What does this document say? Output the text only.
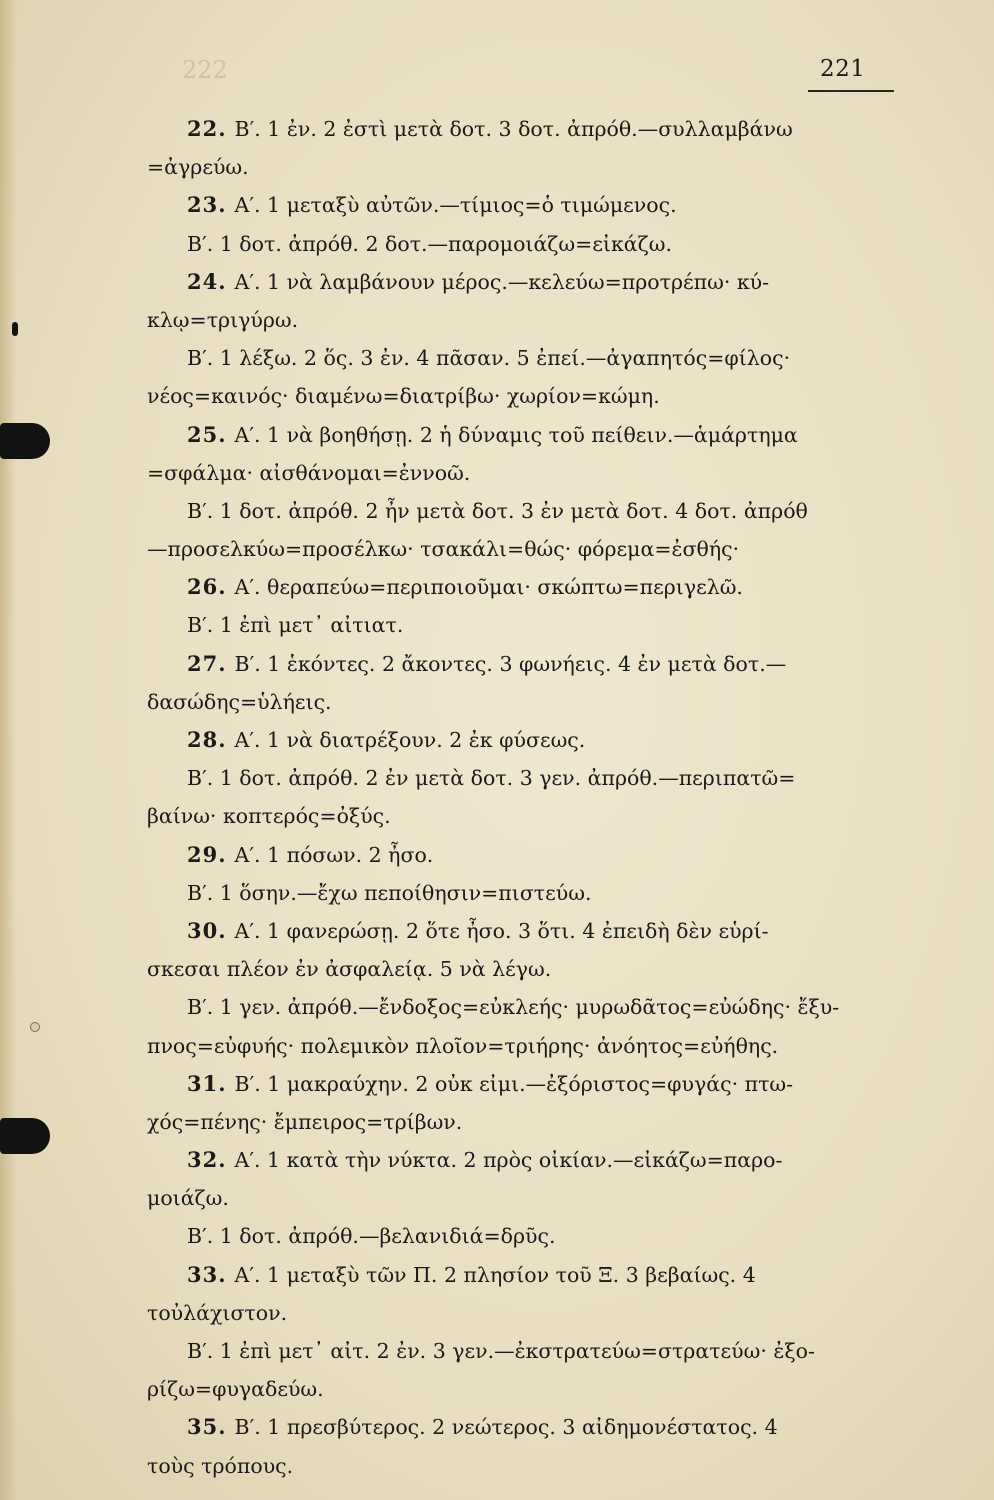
222	221
22. Β′. 1 ἐν. 2 ἐστὶ μετὰ δοτ. 3 δοτ. ἀπρόθ.—συλλαμβάνω
=ἀγρεύω.
23. Α′. 1 μεταξὺ αὐτῶν.—τίμιος=ὁ τιμώμενος.
Β′. 1 δοτ. ἀπρόθ. 2 δοτ.—παρομοιάζω=εἰκάζω.
24. Α′. 1 νὰ λαμβάνουν μέρος.—κελεύω=προτρέπω· κύ-
κλῳ=τριγύρω.
Β′. 1 λέξω. 2 ὅς. 3 ἐν. 4 πᾶσαν. 5 ἐπεί.—ἀγαπητός=φίλος·
νέος=καινός· διαμένω=διατρίβω· χωρίον=κώμη.
25. Α′. 1 νὰ βοηθήσῃ. 2 ἡ δύναμις τοῦ πείθειν.—ἁμάρτημα
=σφάλμα· αἰσθάνομαι=ἐννοῶ.
Β′. 1 δοτ. ἀπρόθ. 2 ἦν μετὰ δοτ. 3 ἐν μετὰ δοτ. 4 δοτ. ἀπρόθ
—προσελκύω=προσέλκω· τσακάλι=θώς· φόρεμα=ἐσθής·
26. Α′. θεραπεύω=περιποιοῦμαι· σκώπτω=περιγελῶ.
Β′. 1 ἐπὶ μετ᾽ αἰτιατ.
27. Β′. 1 ἑκόντες. 2 ἄκοντες. 3 φωνήεις. 4 ἐν μετὰ δοτ.—
δασώδης=ὑλήεις.
28. Α′. 1 νὰ διατρέξουν. 2 ἐκ φύσεως.
Β′. 1 δοτ. ἀπρόθ. 2 ἐν μετὰ δοτ. 3 γεν. ἀπρόθ.—περιπατῶ=
βαίνω· κοπτερός=ὀξύς.
29. Α′. 1 πόσων. 2 ἦσο.
Β′. 1 ὅσην.—ἔχω πεποίθησιν=πιστεύω.
30. Α′. 1 φανερώσῃ. 2 ὅτε ἦσο. 3 ὅτι. 4 ἐπειδὴ δὲν εὑρί-
σκεσαι πλέον ἐν ἀσφαλείᾳ. 5 νὰ λέγω.
Β′. 1 γεν. ἀπρόθ.—ἔνδοξος=εὐκλεής· μυρωδᾶτος=εὐώδης· ἔξυ-
πνος=εὐφυής· πολεμικὸν πλοῖον=τριήρης· ἀνόητος=εὐήθης.
31. Β′. 1 μακραύχην. 2 οὐκ εἰμι.—ἐξόριστος=φυγάς· πτω-
χός=πένης· ἔμπειρος=τρίβων.
32. Α′. 1 κατὰ τὴν νύκτα. 2 πρὸς οἰκίαν.—εἰκάζω=παρο-
μοιάζω.
Β′. 1 δοτ. ἀπρόθ.—βελανιδιά=δρῦς.
33. Α′. 1 μεταξὺ τῶν Π. 2 πλησίον τοῦ Ξ. 3 βεβαίως. 4
τοὐλάχιστον.
Β′. 1 ἐπὶ μετ᾽ αἰτ. 2 ἐν. 3 γεν.—ἐκστρατεύω=στρατεύω· ἐξο-
ρίζω=φυγαδεύω.
35. Β′. 1 πρεσβύτερος. 2 νεώτερος. 3 αἰδημονέστατος. 4
τοὺς τρόπους.
